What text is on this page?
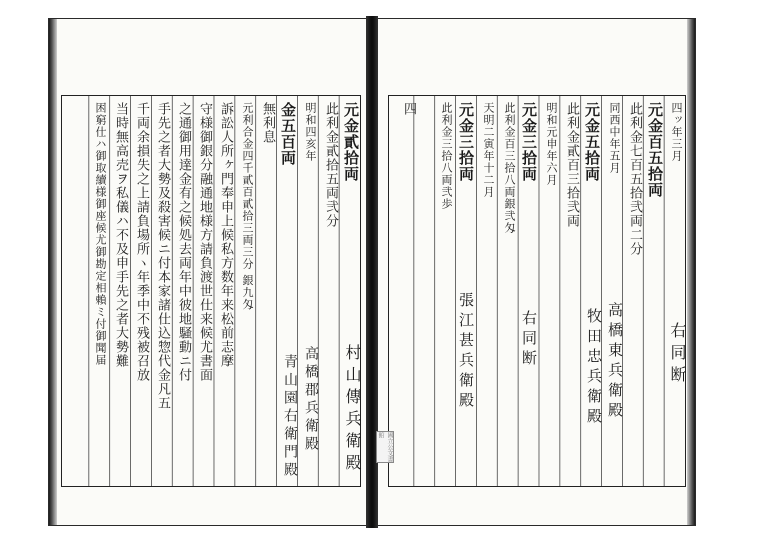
元金貳拾両
此利金貳拾五両弐分
明和四亥年
金五百両
無利息
元利合金四千貳百貳拾三両三分 銀九匁
訴訟人所ヶ門奉申上候私方数年来松前志摩
守様御銀分融通地様方請負渡世仕来候尤書面
之通御用達金有之候処去両年中彼地騒動ニ付
手先之者大勢及殺害候ニ付本家諸仕込惣代金凡五
千両余損失之上請負場所ヽ年季中不残被召放
当時無高売ヲ私儀ハ不及申手先之者大勢難
困窮仕ハ御取續様御座候尤御勘定相賴ミ付御聞届
村山傳兵衛殿
高橋郡兵衛殿
青山園右衛門殿
四ッ年三月
元金百五拾両
此利金七百五拾弐両二分
同西中年五月
元金五拾両
此利金貳百三拾弐両
明和元申年六月
元金三拾両
此利金百三拾八両銀弐匁
天明二寅年十二月
元金三拾両
此利金三拾八両弐歩
四
右同断
高橋東兵衛殿
牧田忠兵衛殿
右同断
張江甚兵衛殿
國立公文書館
